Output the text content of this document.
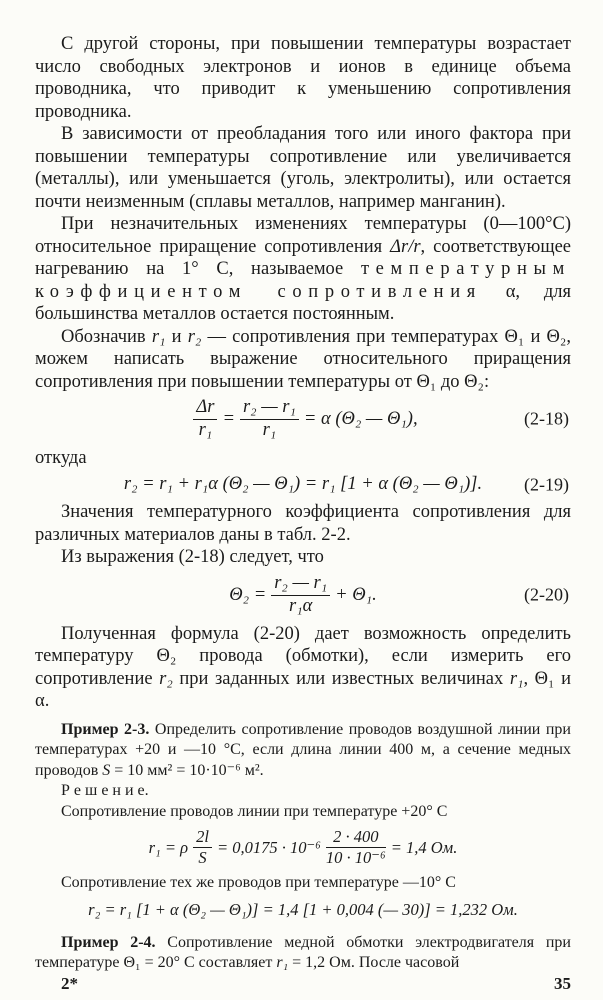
С другой стороны, при повышении температуры возрастает число свободных электронов и ионов в единице объема проводника, что приводит к уменьшению сопротивления проводника.

В зависимости от преобладания того или иного фактора при повышении температуры сопротивление или увеличивается (металлы), или уменьшается (уголь, электролиты), или остается почти неизменным (сплавы металлов, например манганин).

При незначительных изменениях температуры (0—100°С) относительное приращение сопротивления Δr/r, соответствующее нагреванию на 1° С, называемое температурным коэффициентом сопротивления α, для большинства металлов остается постоянным.

Обозначив r₁ и r₂ — сопротивления при температурах Θ₁ и Θ₂, можем написать выражение относительного приращения сопротивления при повышении температуры от Θ₁ до Θ₂:

$\frac{\Delta r}{\text{r₁}} = \frac{\text{r₂ — r₁}}{\text{r₁}} = \alpha$ (Θ₂ — Θ₁),	(2-18)

откуда

r₂ = r₁ + r₁α (Θ₂ — Θ₁) = r₁ [1 + α (Θ₂ — Θ₁)]. (2-19)

Значения температурного коэффициента сопротивления для различных материалов даны в табл. 2-2.

Из выражения (2-18) следует, что

$\Theta_2 = \frac{\text{r₂ — r₁}}{\text{r₁α}} + \Theta_1$.	(2-20)

Полученная формула (2-20) дает возможность определить температуру Θ₂ провода (обмотки), если измерить его сопротивление r₂ при заданных или известных величинах r₁, Θ₁ и α.

Пример 2-3. Определить сопротивление проводов воздушной линии при температурах +20 и —10 °С, если длина линии 400 м, а сечение медных проводов S = 10 мм² = 10·10⁻⁶ м².

Р е ш е н и е.

Сопротивление проводов линии при температуре +20° С

r₁ = ρ $\frac{2l}{S} = 0,0175 \cdot 10^{-6} \frac{2 \cdot 400}{\text{10 · 10⁻⁶}} = 1,4$ Ом.

Сопротивление тех же проводов при температуре —10° С

r₂ = r₁ [1 + α (Θ₂ — Θ₁)] = 1,4 [1 + 0,004 (— 30)] = 1,232 Ом.

Пример 2-4. Сопротивление медной обмотки электродвигателя при температуре Θ₁ = 20° С составляет r₁ = 1,2 Ом. После часовой

2*	35
